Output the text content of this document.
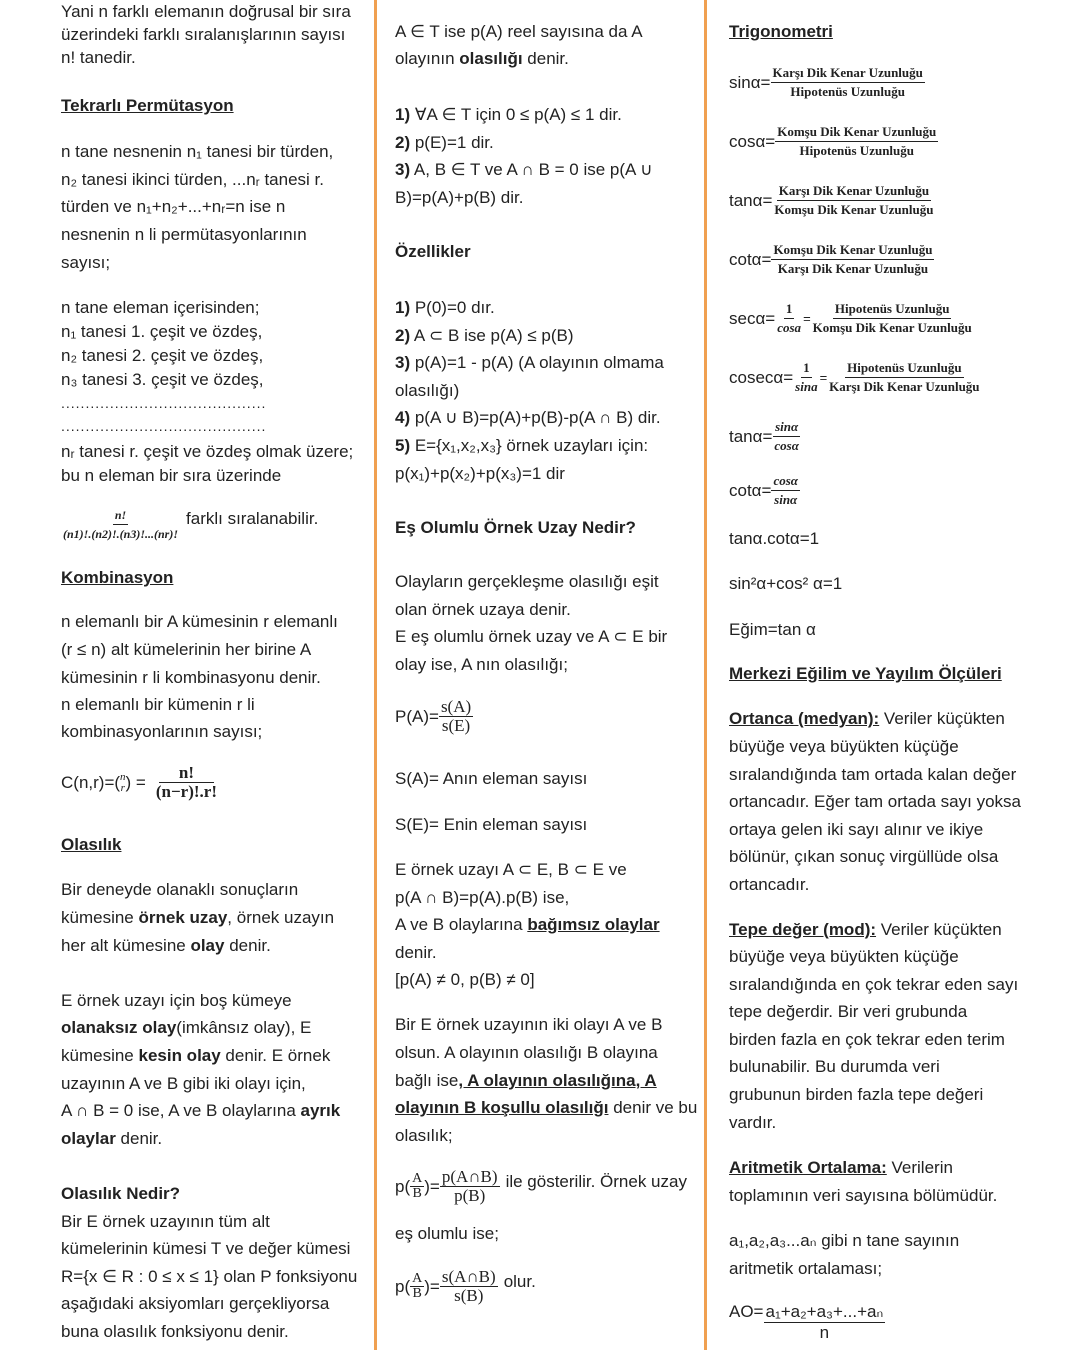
Yani n farklı elemanın doğrusal bir sıra
üzerindeki farklı sıralanışlarının sayısı
n! tanedir.
Tekrarlı Permütasyon
n tane nesnenin n₁ tanesi bir türden,
n₂ tanesi ikinci türden, ...nᵣ tanesi r.
türden ve n₁+n₂+...+nᵣ=n ise n
nesnenin n li permütasyonlarının
sayısı;
n tane eleman içerisinden;
n₁ tanesi 1. çeşit ve özdeş,
n₂ tanesi 2. çeşit ve özdeş,
n₃ tanesi 3. çeşit ve özdeş,
..........................................
..........................................
nᵣ tanesi r. çeşit ve özdeş olmak üzere;
bu n eleman bir sıra üzerinde
$\frac{n!}{(n1)!.(n2)!.(n3)!...(nr)!}$ farklı sıralanabilir.
Kombinasyon
n elemanlı bir A kümesinin r elemanlı
(r ≤ n) alt kümelerinin her birine A
kümesinin r li kombinasyonu denir.
n elemanlı bir kümenin r li
kombinasyonlarının sayısı;
C(n,r)= ( n
r ) = $\frac{n!}{(n-r)!.r!}$
Olasılık
Bir deneyde olanaklı sonuçların
kümesine örnek uzay, örnek uzayın
her alt kümesine olay denir.
E örnek uzayı için boş kümeye
olanaksız olay(imkânsız olay), E
kümesine kesin olay denir. E örnek
uzayının A ve B gibi iki olayı için,
A ∩ B = 0 ise, A ve B olaylarına ayrık
olaylar denir.
Olasılık Nedir?
Bir E örnek uzayının tüm alt
kümelerinin kümesi T ve değer kümesi
R={x ∈ R : 0 ≤ x ≤ 1} olan P fonksiyonu
aşağıdaki aksiyomları gerçekliyorsa
buna olasılık fonksiyonu denir.
A ∈ T ise p(A) reel sayısına da A
olayının olasılığı denir.
1) ∀A ∈ T için 0 ≤ p(A) ≤ 1 dir.
2) p(E)=1 dir.
3) A, B ∈ T ve A ∩ B = 0 ise p(A ∪
B)=p(A)+p(B) dir.
Özellikler
1) P(0)=0 dır.
2) A ⊂ B ise p(A) ≤ p(B)
3) p(A)=1 - p(A) (A olayının olmama
olasılığı)
4) p(A ∪ B)=p(A)+p(B)-p(A ∩ B) dir.
5) E={x₁,x₂,x₃} örnek uzayları için:
p(x₁)+p(x₂)+p(x₃)=1 dir
Eş Olumlu Örnek Uzay Nedir?
Olayların gerçekleşme olasılığı eşit
olan örnek uzaya denir.
E eş olumlu örnek uzay ve A ⊂ E bir
olay ise, A nın olasılığı;
$P(A)= \frac{s(A)}{s(E)}$
S(A)= Anın eleman sayısı
S(E)= Enin eleman sayısı
E örnek uzayı A ⊂ E, B ⊂ E ve
p(A ∩ B)=p(A).p(B) ise,
A ve B olaylarına bağımsız olaylar
denir.
[p(A) ≠ 0, p(B) ≠ 0]
Bir E örnek uzayının iki olayı A ve B
olsun. A olayının olasılığı B olayına
bağlı ise, A olayının olasılığına, A
olayının B koşullu olasılığı denir ve bu
olasılık;
$p( \frac{A}{B}$ )= $\frac{p(A\cap B)}{p(B)}$ ile gösterilir. Örnek uzay
eş olumlu ise;
$p( \frac{A}{B}$ )= $\frac{s(A\cap B)}{s(B)}$ olur.
Trigonometri
$\sin\alpha= \frac{\text{Karşı Dik Kenar Uzunluğu}}{\text{Hipotenüs Uzunluğu}}$
$\cos\alpha= \frac{\text{Komşu Dik Kenar Uzunluğu}}{\text{Hipotenüs Uzunluğu}}$
$\tan\alpha= \frac{\text{Karşı Dik Kenar Uzunluğu}}{\text{Komşu Dik Kenar Uzunluğu}}$
$\cot\alpha= \frac{\text{Komşu Dik Kenar Uzunluğu}}{\text{Karşı Dik Kenar Uzunluğu}}$
$\sec\alpha= \frac{1}{\cos a} = \frac{\text{Hipotenüs Uzunluğu}}{\text{Komşu Dik Kenar Uzunluğu}}$
$cosec\alpha= \frac{1}{\sin a} = \frac{\text{Hipotenüs Uzunluğu}}{\text{Karşı Dik Kenar Uzunluğu}}$
$\tan\alpha= \frac{\sin\alpha}{\cos\alpha}$
$\cot\alpha= \frac{\cos\alpha}{\sin\alpha}$
tanα.cotα=1
sin²α+cos² α=1
Eğim=tan α
Merkezi Eğilim ve Yayılım Ölçüleri
Ortanca (medyan): Veriler küçükten
büyüğe veya büyükten küçüğe
sıralandığında tam ortada kalan değer
ortancadır. Eğer tam ortada sayı yoksa
ortaya gelen iki sayı alınır ve ikiye
bölünür, çıkan sonuç virgüllüde olsa
ortancadır.
Tepe değer (mod): Veriler küçükten
büyüğe veya büyükten küçüğe
sıralandığında en çok tekrar eden sayı
tepe değerdir. Bir veri grubunda
birden fazla en çok tekrar eden terim
bulunabilir. Bu durumda veri
grubunun birden fazla tepe değeri
vardır.
Aritmetik Ortalama: Verilerin
toplamının veri sayısına bölümüdür.
a₁,a₂,a₃...aₙ gibi n tane sayının
aritmetik ortalaması;
$AO= \frac{\text{a₁+a₂+a₃+...+aₙ}}{n}$
